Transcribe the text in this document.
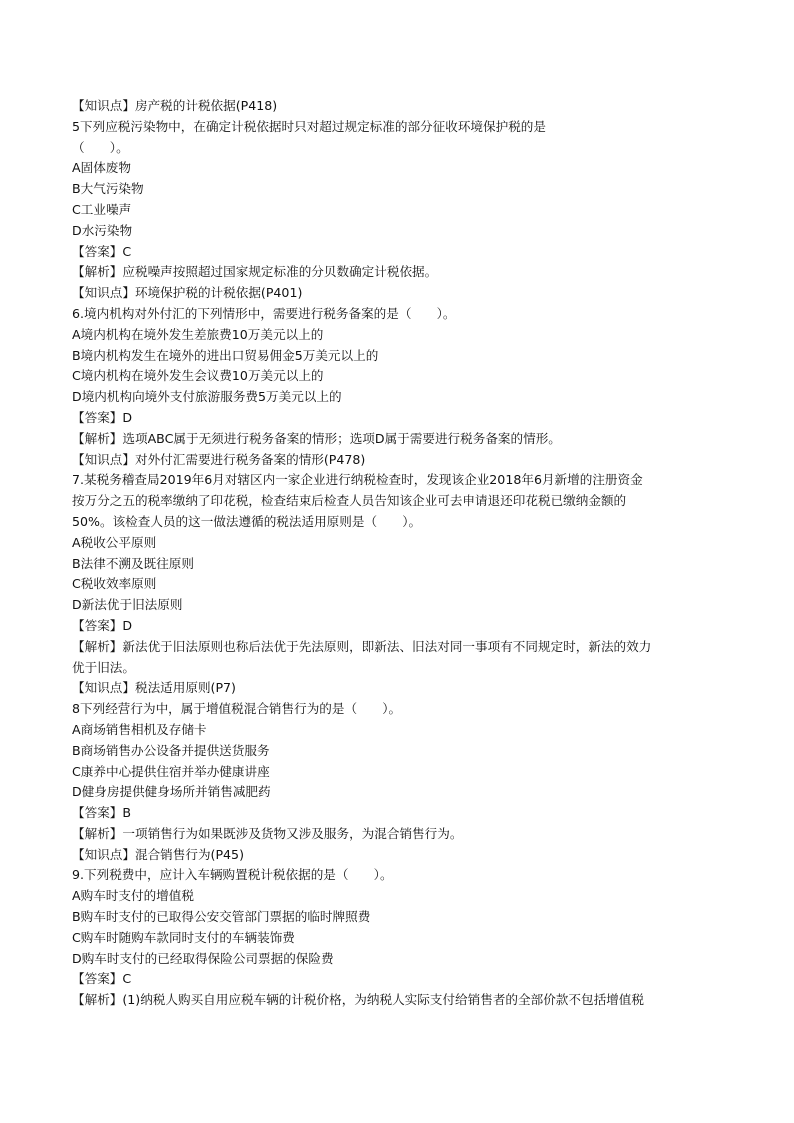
【知识点】房产税的计税依据(P418)
5下列应税污染物中，在确定计税依据时只对超过规定标准的部分征收环境保护税的是
（　　）。
A固体废物
B大气污染物
C工业噪声
D水污染物
【答案】C
【解析】应税噪声按照超过国家规定标准的分贝数确定计税依据。
【知识点】环境保护税的计税依据(P401)
6.境内机构对外付汇的下列情形中，需要进行税务备案的是（　　）。
A境内机构在境外发生差旅费10万美元以上的
B境内机构发生在境外的进出口贸易佣金5万美元以上的
C境内机构在境外发生会议费10万美元以上的
D境内机构向境外支付旅游服务费5万美元以上的
【答案】D
【解析】选项ABC属于无须进行税务备案的情形；选项D属于需要进行税务备案的情形。
【知识点】对外付汇需要进行税务备案的情形(P478)
7.某税务稽查局2019年6月对辖区内一家企业进行纳税检查时，发现该企业2018年6月新增的注册资金
按万分之五的税率缴纳了印花税，检查结束后检查人员告知该企业可去申请退还印花税已缴纳金额的
50%。该检查人员的这一做法遵循的税法适用原则是（　　）。
A税收公平原则
B法律不溯及既往原则
C税收效率原则
D新法优于旧法原则
【答案】D
【解析】新法优于旧法原则也称后法优于先法原则，即新法、旧法对同一事项有不同规定时，新法的效力
优于旧法。
【知识点】税法适用原则(P7)
8下列经营行为中，属于增值税混合销售行为的是（　　）。
A商场销售相机及存储卡
B商场销售办公设备并提供送货服务
C康养中心提供住宿并举办健康讲座
D健身房提供健身场所并销售减肥药
【答案】B
【解析】一项销售行为如果既涉及货物又涉及服务，为混合销售行为。
【知识点】混合销售行为(P45)
9.下列税费中，应计入车辆购置税计税依据的是（　　）。
A购车时支付的增值税
B购车时支付的已取得公安交管部门票据的临时牌照费
C购车时随购车款同时支付的车辆装饰费
D购车时支付的已经取得保险公司票据的保险费
【答案】C
【解析】(1)纳税人购买自用应税车辆的计税价格，为纳税人实际支付给销售者的全部价款不包括增值税
